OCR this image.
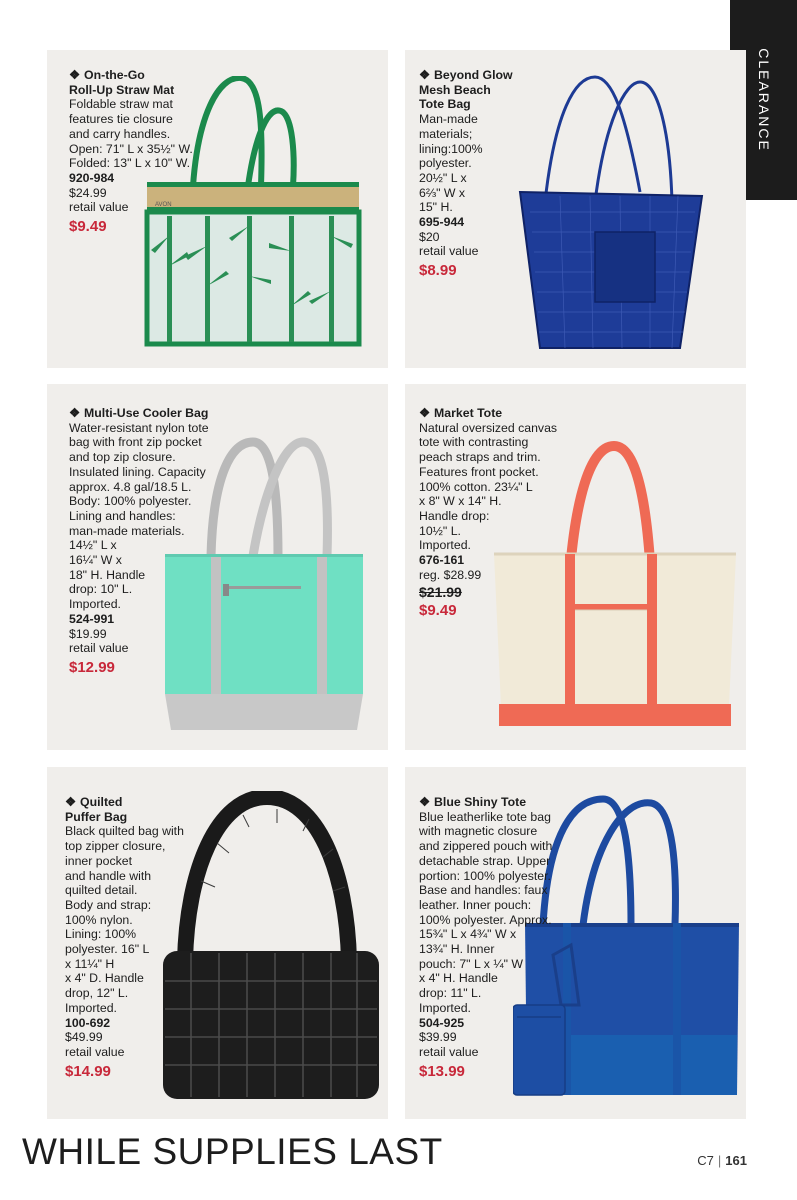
CLEARANCE
AVON
❖ On-the-Go
Roll-Up Straw Mat
Foldable straw mat
features tie closure
and carry handles.
Open: 71" L x 35½" W.
Folded: 13" L x 10" W.
920-984
$24.99
retail value
$9.49
❖ Beyond Glow
Mesh Beach
Tote Bag
Man-made
materials;
lining:100%
polyester.
20½" L x
6⅔" W x
15" H.
695-944
$20
retail value
$8.99
❖ Multi-Use Cooler Bag
Water-resistant nylon tote
bag with front zip pocket
and top zip closure.
Insulated lining. Capacity
approx. 4.8 gal/18.5 L.
Body: 100% polyester.
Lining and handles:
man-made materials.
14½" L x
16¼" W x
18" H. Handle
drop: 10" L.
Imported.
524-991
$19.99
retail value
$12.99
❖ Market Tote
Natural oversized canvas
tote with contrasting
peach straps and trim.
Features front pocket.
100% cotton. 23¼" L
x 8" W x 14" H.
Handle drop:
10½" L.
Imported.
676-161
reg. $28.99
$21.99
$9.49
❖ Quilted
Puffer Bag
Black quilted bag with
top zipper closure,
inner pocket
and handle with
quilted detail.
Body and strap:
100% nylon.
Lining: 100%
polyester. 16" L
x 11¼" H
x 4" D. Handle
drop, 12" L.
Imported.
100-692
$49.99
retail value
$14.99
❖ Blue Shiny Tote
Blue leatherlike tote bag
with magnetic closure
and zippered pouch with
detachable strap. Upper
portion: 100% polyester.
Base and handles: faux
leather. Inner pouch:
100% polyester. Approx.
15¾" L x 4¾" W x
13¾" H. Inner
pouch: 7" L x ¼" W
x 4" H. Handle
drop: 11" L.
Imported.
504-925
$39.99
retail value
$13.99
WHILE SUPPLIES LAST	C7 | 161
